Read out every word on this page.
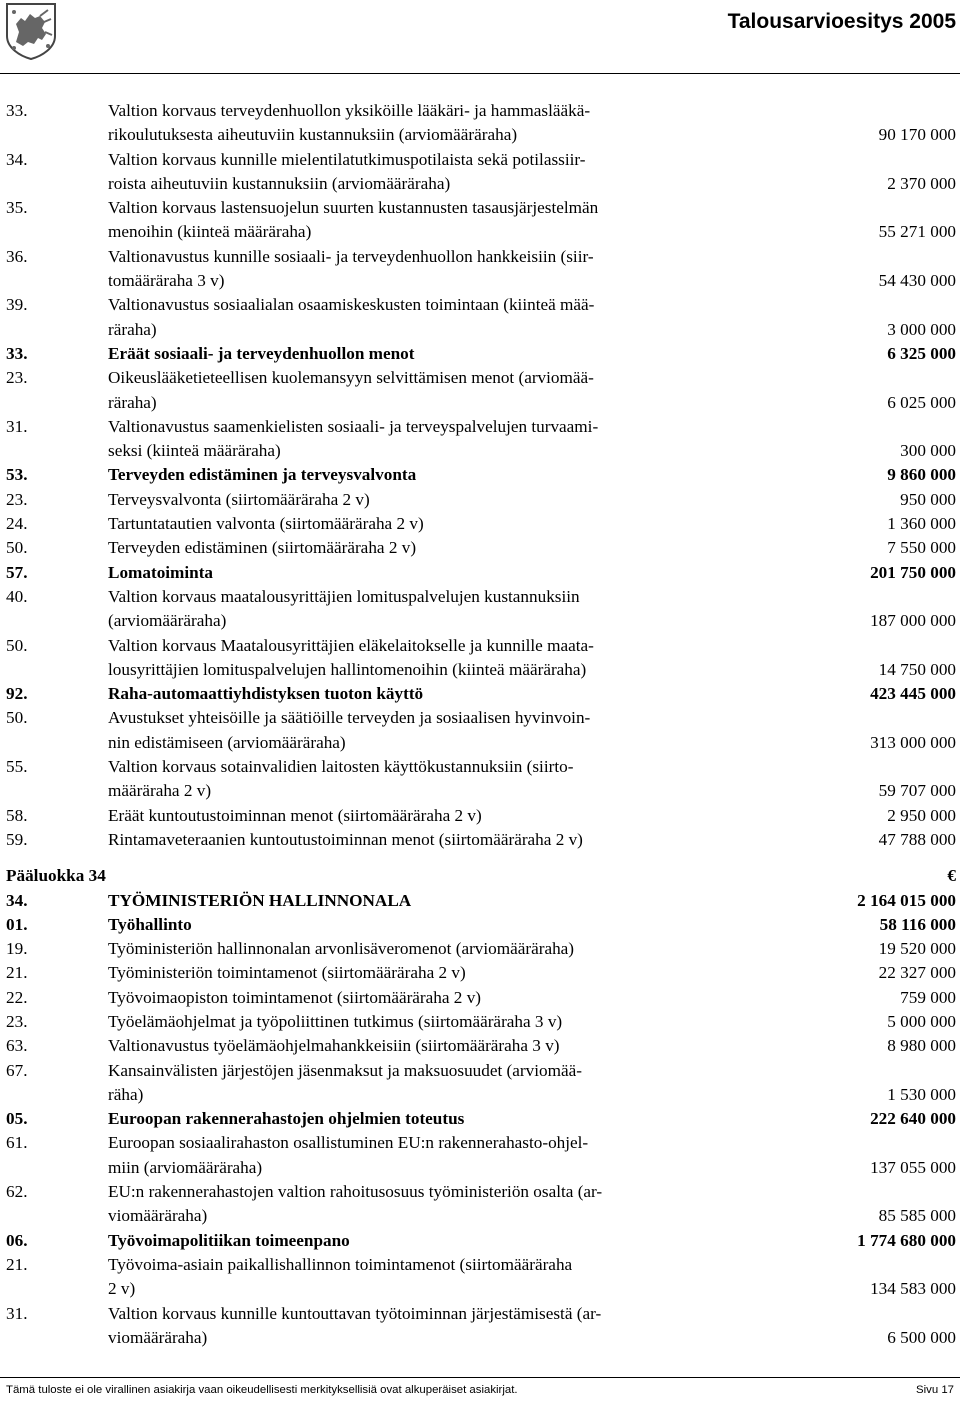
Talousarvioesitys 2005
33.	Valtion korvaus terveydenhuollon yksiköille lääkäri- ja hammaslääkä-
rikoulutuksesta aiheutuviin kustannuksiin (arviomääräraha)	90 170 000
34.	Valtion korvaus kunnille mielentilatutkimuspotilaista sekä potilassiir-
roista aiheutuviin kustannuksiin (arviomääräraha)	2 370 000
35.	Valtion korvaus lastensuojelun suurten kustannusten tasausjärjestelmän
menoihin (kiinteä määräraha)	55 271 000
36.	Valtionavustus kunnille sosiaali- ja terveydenhuollon hankkeisiin (siir-
tomääräraha 3 v)	54 430 000
39.	Valtionavustus sosiaalialan osaamiskeskusten toimintaan (kiinteä mää-
räraha)	3 000 000
33.	Eräät sosiaali- ja terveydenhuollon menot	6 325 000
23.	Oikeuslääketieteellisen kuolemansyyn selvittämisen menot (arviomää-
räraha)	6 025 000
31.	Valtionavustus saamenkielisten sosiaali- ja terveyspalvelujen turvaami-
seksi (kiinteä määräraha)	300 000
53.	Terveyden edistäminen ja terveysvalvonta	9 860 000
23.	Terveysvalvonta (siirtomääräraha 2 v)	950 000
24.	Tartuntatautien valvonta (siirtomääräraha 2 v)	1 360 000
50.	Terveyden edistäminen (siirtomääräraha 2 v)	7 550 000
57.	Lomatoiminta	201 750 000
40.	Valtion korvaus maatalousyrittäjien lomituspalvelujen kustannuksiin
(arviomääräraha)	187 000 000
50.	Valtion korvaus Maatalousyrittäjien eläkelaitokselle ja kunnille maata-
lousyrittäjien lomituspalvelujen hallintomenoihin (kiinteä määräraha)	14 750 000
92.	Raha-automaattiyhdistyksen tuoton käyttö	423 445 000
50.	Avustukset yhteisöille ja säätiöille terveyden ja sosiaalisen hyvinvoin-
nin edistämiseen (arviomääräraha)	313 000 000
55.	Valtion korvaus sotainvalidien laitosten käyttökustannuksiin (siirto-
määräraha 2 v)	59 707 000
58.	Eräät kuntoutustoiminnan menot (siirtomääräraha 2 v)	2 950 000
59.	Rintamaveteraanien kuntoutustoiminnan menot (siirtomääräraha 2 v)	47 788 000
Pääluokka 34	€
34.	TYÖMINISTERIÖN HALLINNONALA	2 164 015 000
01.	Työhallinto	58 116 000
19.	Työministeriön hallinnonalan arvonlisäveromenot (arviomääräraha)	19 520 000
21.	Työministeriön toimintamenot (siirtomääräraha 2 v)	22 327 000
22.	Työvoimaopiston toimintamenot (siirtomääräraha 2 v)	759 000
23.	Työelämäohjelmat ja työpoliittinen tutkimus (siirtomääräraha 3 v)	5 000 000
63.	Valtionavustus työelämäohjelmahankkeisiin (siirtomääräraha 3 v)	8 980 000
67.	Kansainvälisten järjestöjen jäsenmaksut ja maksuosuudet (arviomää-
räha)	1 530 000
05.	Euroopan rakennerahastojen ohjelmien toteutus	222 640 000
61.	Euroopan sosiaalirahaston osallistuminen EU:n rakennerahasto-ohjel-
miin (arviomääräraha)	137 055 000
62.	EU:n rakennerahastojen valtion rahoitusosuus työministeriön osalta (ar-
viomääräraha)	85 585 000
06.	Työvoimapolitiikan toimeenpano	1 774 680 000
21.	Työvoima-asiain paikallishallinnon toimintamenot (siirtomääräraha
2 v)	134 583 000
31.	Valtion korvaus kunnille kuntouttavan työtoiminnan järjestämisestä (ar-
viomääräraha)	6 500 000
Tämä tuloste ei ole virallinen asiakirja vaan oikeudellisesti merkityksellisiä ovat alkuperäiset asiakirjat.	Sivu 17
